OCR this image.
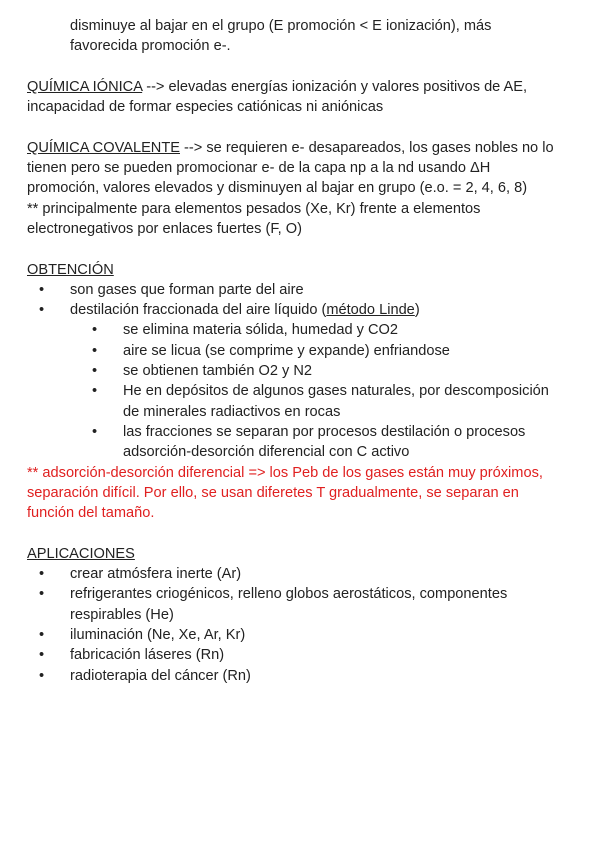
disminuye al bajar en el grupo (E promoción < E ionización), más
favorecida promoción e-.
QUÍMICA IÓNICA --> elevadas energías ionización y valores positivos de AE,
incapacidad de formar especies catiónicas ni aniónicas
QUÍMICA COVALENTE --> se requieren e- desapareados, los gases nobles no lo
tienen pero se pueden promocionar e- de la capa np a la nd usando ΔH
promoción, valores elevados y disminuyen al bajar en grupo (e.o. = 2, 4, 6, 8)
** principalmente para elementos pesados (Xe, Kr) frente a elementos
electronegativos por enlaces fuertes (F, O)
OBTENCIÓN
• son gases que forman parte del aire
• destilación fraccionada del aire líquido (método Linde)
• se elimina materia sólida, humedad y CO2
• aire se licua (se comprime y expande) enfriandose
• se obtienen también O2 y N2
• He en depósitos de algunos gases naturales, por descomposición
de minerales radiactivos en rocas
• las fracciones se separan por procesos destilación o procesos
adsorción-desorción diferencial con C activo
** adsorción-desorción diferencial => los Peb de los gases están muy próximos,
separación difícil. Por ello, se usan diferetes T gradualmente, se separan en
función del tamaño.
APLICACIONES
• crear atmósfera inerte (Ar)
• refrigerantes criogénicos, relleno globos aerostáticos, componentes
respirables (He)
• iluminación (Ne, Xe, Ar, Kr)
• fabricación láseres (Rn)
• radioterapia del cáncer (Rn)
